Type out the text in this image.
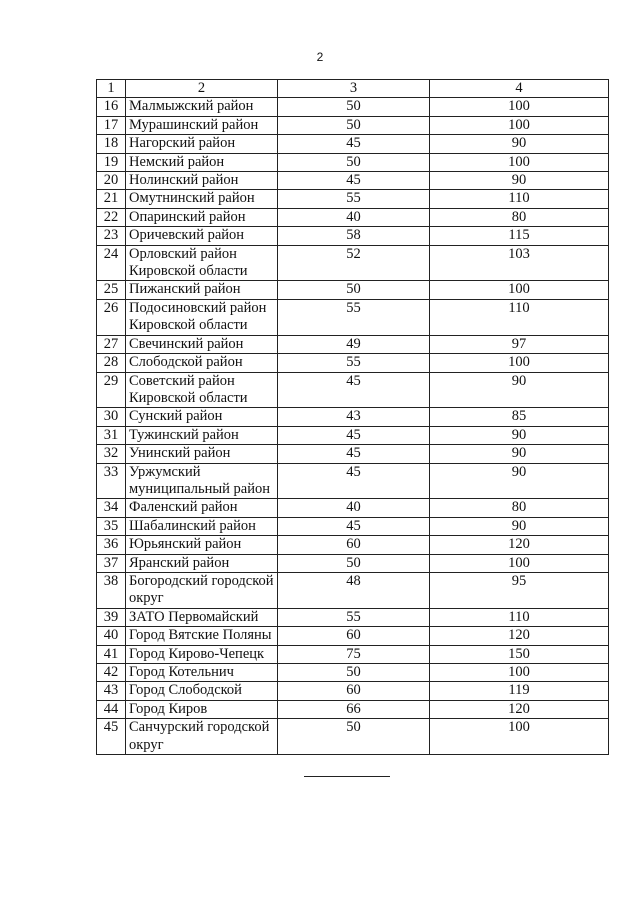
2
1	2	3	4
16	Малмыжский район	50	100
17	Мурашинский район	50	100
18	Нагорский район	45	90
19	Немский район	50	100
20	Нолинский район	45	90
21	Омутнинский район	55	110
22	Опаринский район	40	80
23	Оричевский район	58	115
24	Орловский район Кировской области	52	103
25	Пижанский район	50	100
26	Подосиновский район Кировской области	55	110
27	Свечинский район	49	97
28	Слободской район	55	100
29	Советский район Кировской области	45	90
30	Сунский район	43	85
31	Тужинский район	45	90
32	Унинский район	45	90
33	Уржумский муниципальный район	45	90
34	Фаленский район	40	80
35	Шабалинский район	45	90
36	Юрьянский район	60	120
37	Яранский район	50	100
38	Богородский городской округ	48	95
39	ЗАТО Первомайский	55	110
40	Город Вятские Поляны	60	120
41	Город Кирово-Чепецк	75	150
42	Город Котельнич	50	100
43	Город Слободской	60	119
44	Город Киров	66	120
45	Санчурский городской округ	50	100
